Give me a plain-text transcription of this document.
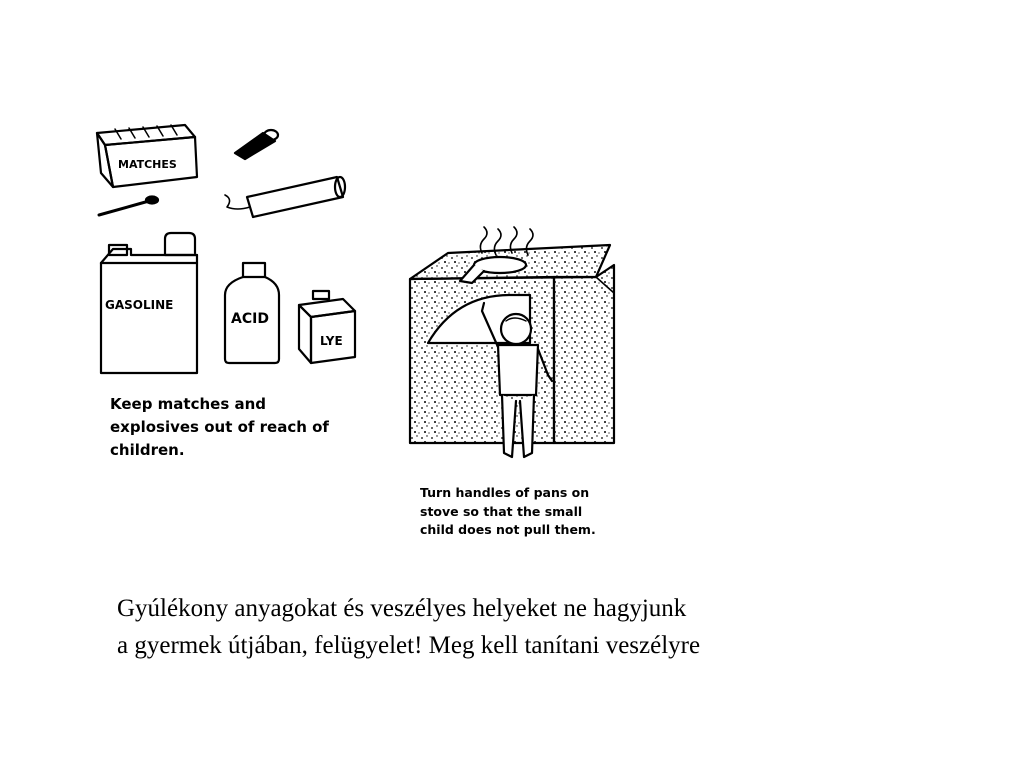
MATCHES
GASOLINE
ACID
LYE
Keep matches and
explosives out of reach of
children.
Turn handles of pans on
stove so that the small
child does not pull them.
Gyúlékony anyagokat és veszélyes helyeket ne hagyjunk
a gyermek útjában, felügyelet! Meg kell tanítani veszélyre
